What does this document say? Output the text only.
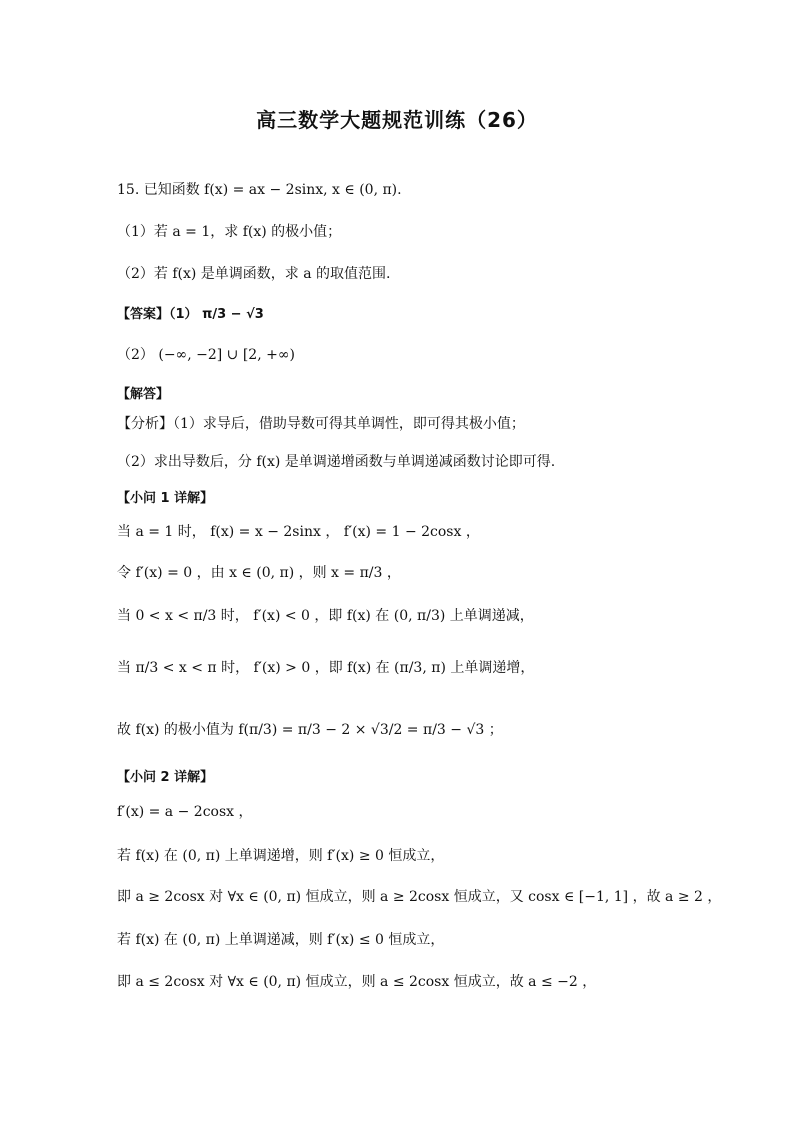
高三数学大题规范训练（26）
15. 已知函数 f(x) = ax − 2sinx, x ∈ (0, π).
（1）若 a = 1，求 f(x) 的极小值；
（2）若 f(x) 是单调函数，求 a 的取值范围.
【答案】（1） π/3 − √3
（2） (−∞, −2] ∪ [2, +∞)
【解答】
【分析】（1）求导后，借助导数可得其单调性，即可得其极小值；
（2）求出导数后，分 f(x) 是单调递增函数与单调递减函数讨论即可得.
【小问 1 详解】
当 a = 1 时， f(x) = x − 2sinx ， f′(x) = 1 − 2cosx ，
令 f′(x) = 0 ，由 x ∈ (0, π) ，则 x = π/3 ，
当 0 < x < π/3 时， f′(x) < 0 ，即 f(x) 在 (0, π/3) 上单调递减，
当 π/3 < x < π 时， f′(x) > 0 ，即 f(x) 在 (π/3, π) 上单调递增，
故 f(x) 的极小值为 f(π/3) = π/3 − 2 × √3/2 = π/3 − √3 ；
【小问 2 详解】
f′(x) = a − 2cosx ，
若 f(x) 在 (0, π) 上单调递增，则 f′(x) ≥ 0 恒成立，
即 a ≥ 2cosx 对 ∀x ∈ (0, π) 恒成立，则 a ≥ 2cosx 恒成立，又 cosx ∈ [−1, 1] ，故 a ≥ 2 ，
若 f(x) 在 (0, π) 上单调递减，则 f′(x) ≤ 0 恒成立，
即 a ≤ 2cosx 对 ∀x ∈ (0, π) 恒成立，则 a ≤ 2cosx 恒成立，故 a ≤ −2 ，
